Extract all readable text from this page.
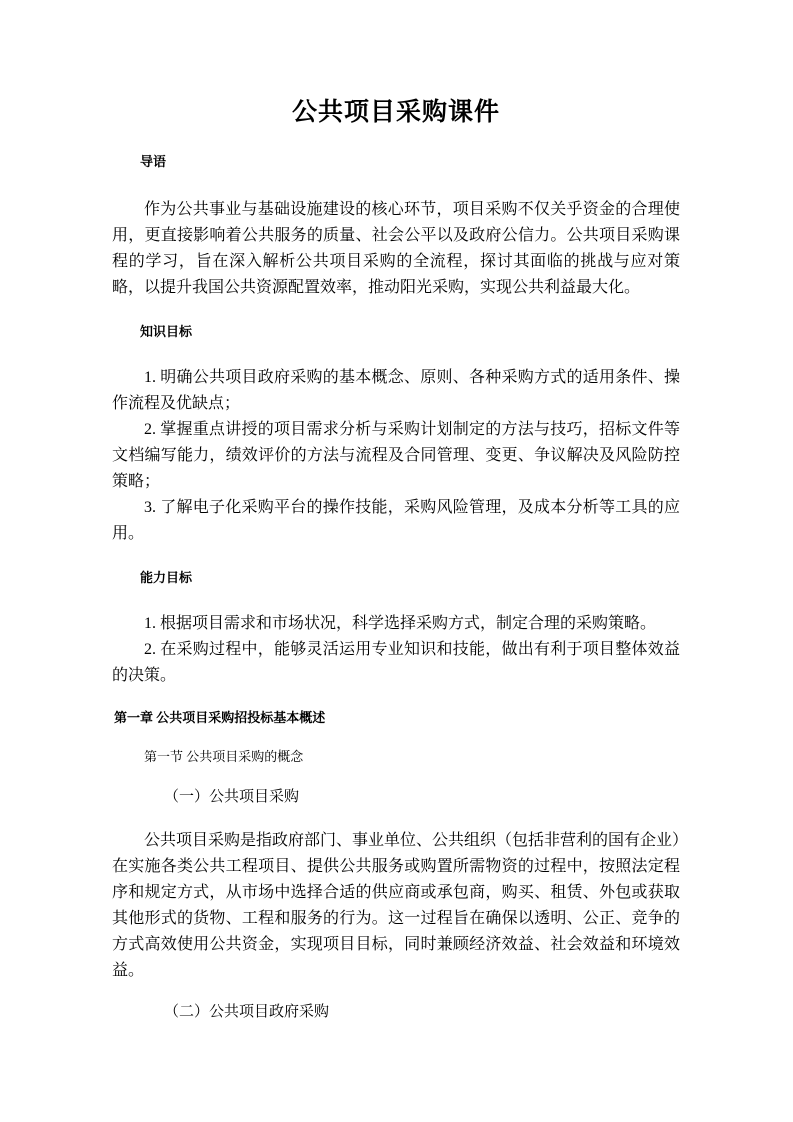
公共项目采购课件
导语

作为公共事业与基础设施建设的核心环节，项目采购不仅关乎资金的合理使用，更直接影响着公共服务的质量、社会公平以及政府公信力。公共项目采购课程的学习，旨在深入解析公共项目采购的全流程，探讨其面临的挑战与应对策略，以提升我国公共资源配置效率，推动阳光采购，实现公共利益最大化。

知识目标

1. 明确公共项目政府采购的基本概念、原则、各种采购方式的适用条件、操作流程及优缺点；

2. 掌握重点讲授的项目需求分析与采购计划制定的方法与技巧，招标文件等文档编写能力，绩效评价的方法与流程及合同管理、变更、争议解决及风险防控策略；

3. 了解电子化采购平台的操作技能，采购风险管理，及成本分析等工具的应用。

能力目标

1. 根据项目需求和市场状况，科学选择采购方式，制定合理的采购策略。

2. 在采购过程中，能够灵活运用专业知识和技能，做出有利于项目整体效益的决策。

第一章 公共项目采购招投标基本概述
第一节 公共项目采购的概念
（一）公共项目采购

公共项目采购是指政府部门、事业单位、公共组织（包括非营利的国有企业）在实施各类公共工程项目、提供公共服务或购置所需物资的过程中，按照法定程序和规定方式，从市场中选择合适的供应商或承包商，购买、租赁、外包或获取其他形式的货物、工程和服务的行为。这一过程旨在确保以透明、公正、竞争的方式高效使用公共资金，实现项目目标，同时兼顾经济效益、社会效益和环境效益。

（二）公共项目政府采购
